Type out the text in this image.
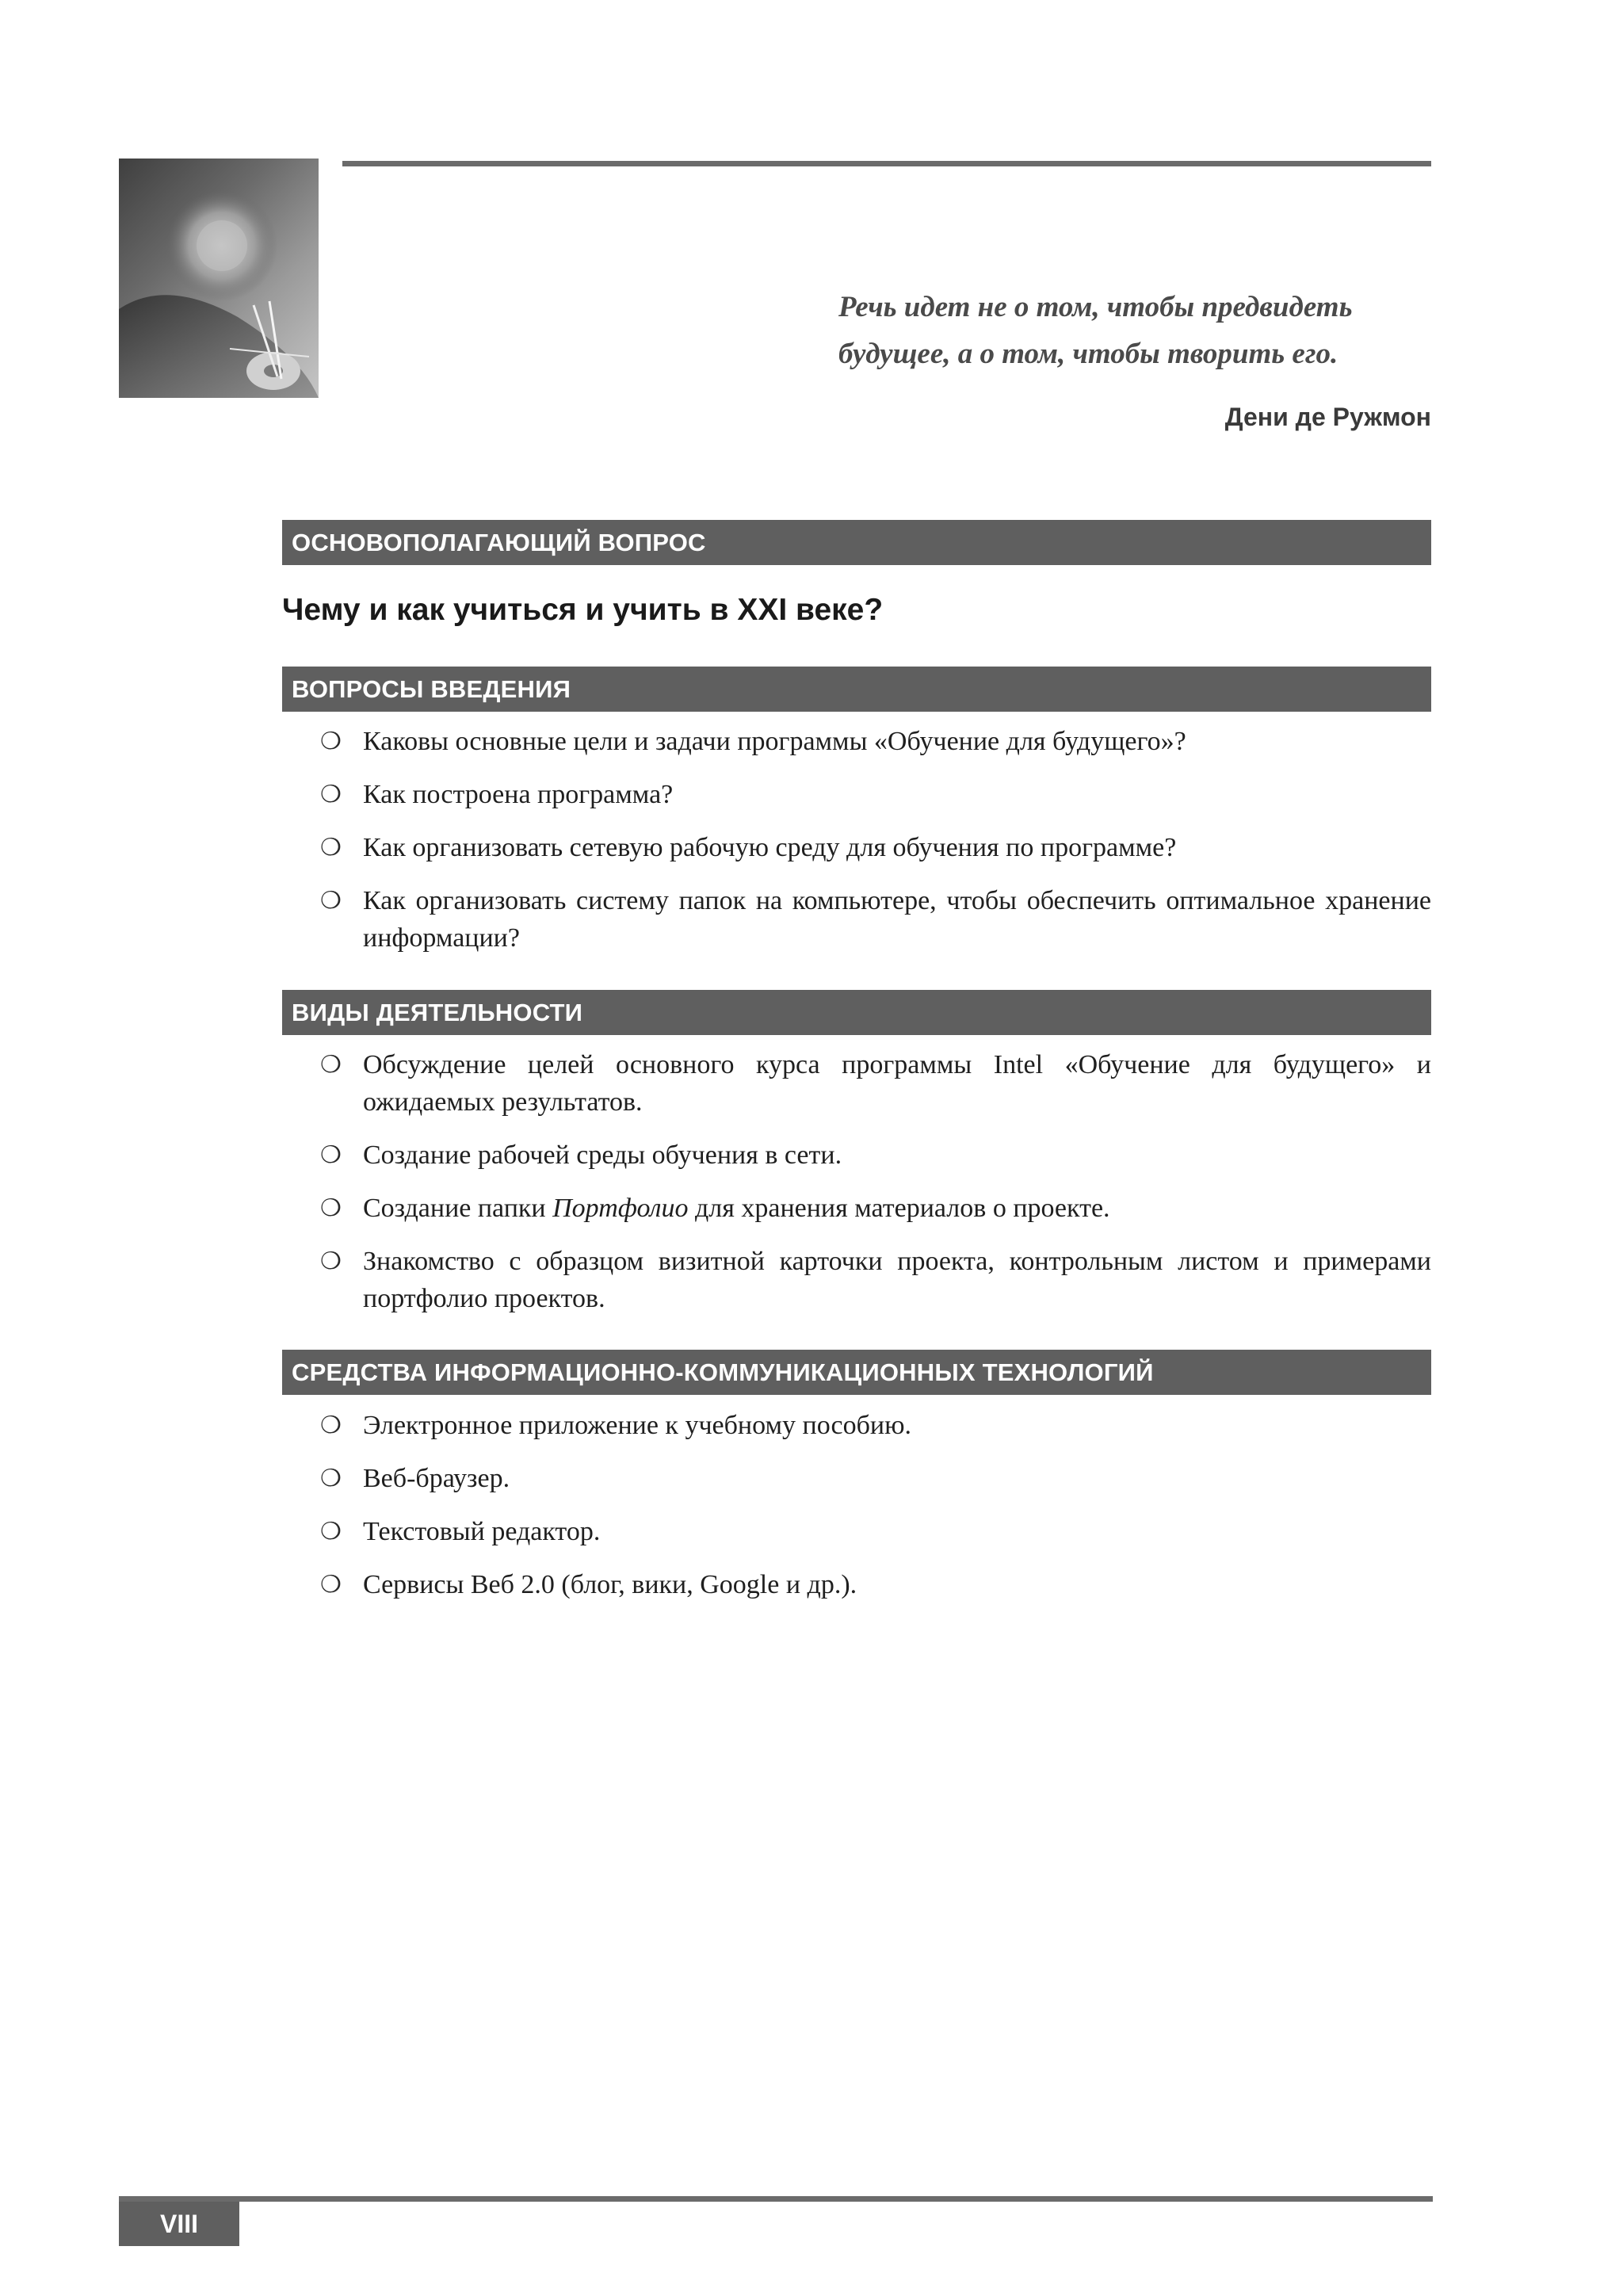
Речь идет не о том, чтобы предвидеть
будущее, а о том, чтобы творить его.
Дени де Ружмон
ОСНОВОПОЛАГАЮЩИЙ ВОПРОС
Чему и как учиться и учить в XXI веке?
ВОПРОСЫ ВВЕДЕНИЯ
❍ Каковы основные цели и задачи программы «Обучение для будущего»?
❍ Как построена программа?
❍ Как организовать сетевую рабочую среду для обучения по программе?
❍ Как организовать систему папок на компьютере, чтобы обеспечить оптимальное хранение информации?
ВИДЫ ДЕЯТЕЛЬНОСТИ
❍ Обсуждение целей основного курса программы Intel «Обучение для будущего» и ожидаемых результатов.
❍ Создание рабочей среды обучения в сети.
❍ Создание папки Портфолио для хранения материалов о проекте.
❍ Знакомство с образцом визитной карточки проекта, контрольным листом и примерами портфолио проектов.
СРЕДСТВА ИНФОРМАЦИОННО-КОММУНИКАЦИОННЫХ ТЕХНОЛОГИЙ
❍ Электронное приложение к учебному пособию.
❍ Веб-браузер.
❍ Текстовый редактор.
❍ Сервисы Веб 2.0 (блог, вики, Google и др.).
VIII
